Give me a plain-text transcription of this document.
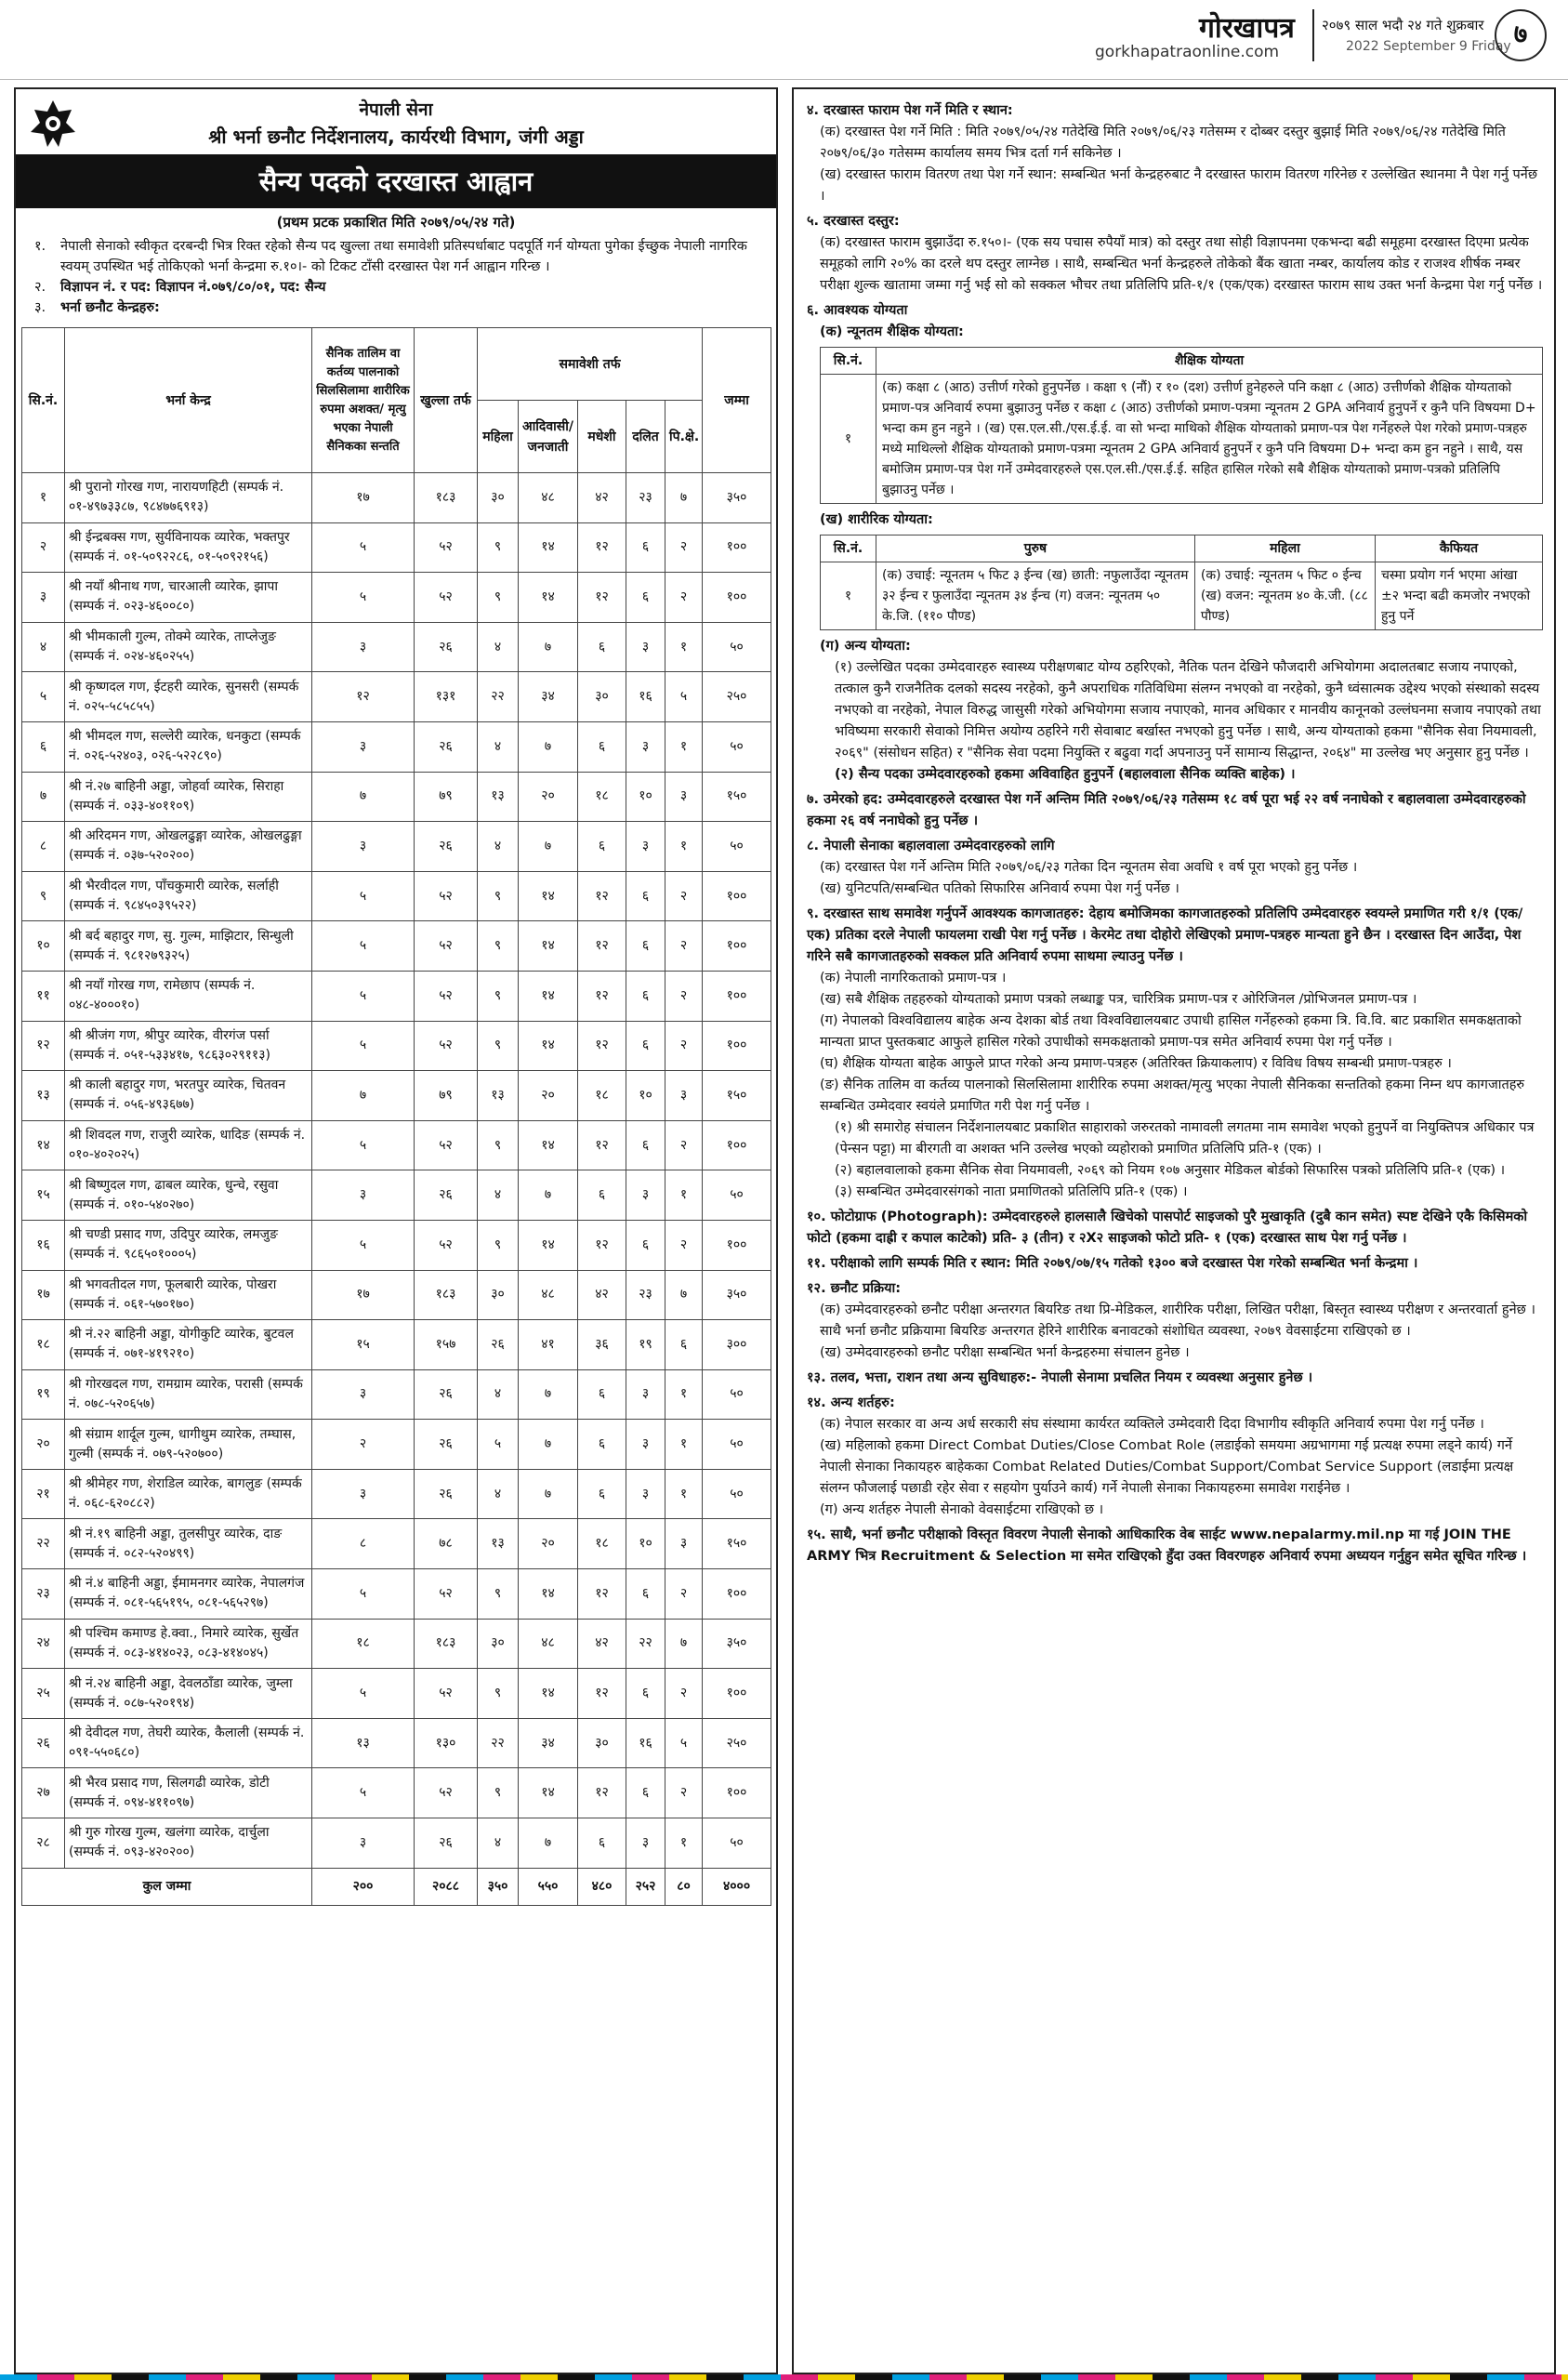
गोरखापत्र
gorkhapatraonline.com
२०७९ साल भदौ २४ गते शुक्रबार
2022 September 9 Friday ७
नेपाली सेना
श्री भर्ना छनौट निर्देशनालय, कार्यरथी विभाग, जंगी अड्डा
सैन्य पदको दरखास्त आह्वान
(प्रथम प्रटक प्रकाशित मिति २०७९/०५/२४ गते)
१.	नेपाली सेनाको स्वीकृत दरबन्दी भित्र रिक्त रहेको सैन्य पद खुल्ला तथा समावेशी प्रतिस्पर्धाबाट पदपूर्ति गर्न योग्यता पुगेका ईच्छुक नेपाली नागरिक स्वयम् उपस्थित भई तोकिएको भर्ना केन्द्रमा रु.१०।- को टिकट टाँसी दरखास्त पेश गर्न आह्वान गरिन्छ ।
२.	विज्ञापन नं. र पद: विज्ञापन नं.०७९/८०/०१, पद: सैन्य
३.	भर्ना छनौट केन्द्रहरु:
सि.नं.	भर्ना केन्द्र	सैनिक तालिम वा कर्तव्य पालनाको सिलसिलामा शारीरिक रुपमा अशक्त/ मृत्यु भएका नेपाली सैनिकका सन्तति	खुल्ला तर्फ	समावेशी तर्फ					जम्मा
				महिला	आदिवासी/ जनजाती	मधेशी	दलित	पि.क्षे.	
१	श्री पुरानो गोरख गण, नारायणहिटी (सम्पर्क नं. ०१-४९७३३८७, ९८४७७६९१३)	१७	१८३	३०	४८	४२	२३	७	३५०
२	श्री ईन्द्रबक्स गण, सुर्यविनायक व्यारेक, भक्तपुर (सम्पर्क नं. ०१-५०९२२८६, ०१-५०९२१५६)	५	५२	९	१४	१२	६	२	१००
३	श्री नयाँ श्रीनाथ गण, चारआली व्यारेक, झापा (सम्पर्क नं. ०२३-४६००८०)	५	५२	९	१४	१२	६	२	१००
४	श्री भीमकाली गुल्म, तोक्मे व्यारेक, ताप्लेजुङ (सम्पर्क नं. ०२४-४६०२५५)	३	२६	४	७	६	३	१	५०
५	श्री कृष्णदल गण, ईटहरी व्यारेक, सुनसरी (सम्पर्क नं. ०२५-५८५८५५)	१२	१३१	२२	३४	३०	१६	५	२५०
६	श्री भीमदल गण, सल्लेरी व्यारेक, धनकुटा (सम्पर्क नं. ०२६-५२४०३, ०२६-५२२८९०)	३	२६	४	७	६	३	१	५०
७	श्री नं.२७ बाहिनी अड्डा, जोहर्वा व्यारेक, सिराहा (सम्पर्क नं. ०३३-४०११०९)	७	७९	१३	२०	१८	१०	३	१५०
८	श्री अरिदमन गण, ओखलढुङ्गा व्यारेक, ओखलढुङ्गा (सम्पर्क नं. ०३७-५२०२००)	३	२६	४	७	६	३	१	५०
९	श्री भैरवीदल गण, पाँचकुमारी व्यारेक, सर्लाही (सम्पर्क नं. ९८४५०३९५२२)	५	५२	९	१४	१२	६	२	१००
१०	श्री बर्द बहादुर गण, सु. गुल्म, माझिटार, सिन्धुली (सम्पर्क नं. ९८१२७९३२५)	५	५२	९	१४	१२	६	२	१००
११	श्री नयाँ गोरख गण, रामेछाप (सम्पर्क नं. ०४८-४०००१०)	५	५२	९	१४	१२	६	२	१००
१२	श्री श्रीजंग गण, श्रीपुर व्यारेक, वीरगंज पर्सा (सम्पर्क नं. ०५१-५३३४१७, ९८६३०२९११३)	५	५२	९	१४	१२	६	२	१००
१३	श्री काली बहादुर गण, भरतपुर व्यारेक, चितवन (सम्पर्क नं. ०५६-४९३६७७)	७	७९	१३	२०	१८	१०	३	१५०
१४	श्री शिवदल गण, राजुरी व्यारेक, धादिङ (सम्पर्क नं. ०१०-४०२०२५)	५	५२	९	१४	१२	६	२	१००
१५	श्री बिष्णुदल गण, ढाबल व्यारेक, धुन्चे, रसुवा (सम्पर्क नं. ०१०-५४०२७०)	३	२६	४	७	६	३	१	५०
१६	श्री चण्डी प्रसाद गण, उदिपुर व्यारेक, लमजुङ (सम्पर्क नं. ९८६५०१०००५)	५	५२	९	१४	१२	६	२	१००
१७	श्री भगवतीदल गण, फूलबारी व्यारेक, पोखरा (सम्पर्क नं. ०६१-५७०१७०)	१७	१८३	३०	४८	४२	२३	७	३५०
१८	श्री नं.२२ बाहिनी अड्डा, योगीकुटि व्यारेक, बुटवल (सम्पर्क नं. ०७१-४१९२१०)	१५	१५७	२६	४१	३६	१९	६	३००
१९	श्री गोरखदल गण, रामग्राम व्यारेक, परासी (सम्पर्क नं. ०७८-५२०६५७)	३	२६	४	७	६	३	१	५०
२०	श्री संग्राम शार्दूल गुल्म, धागीथुम व्यारेक, तम्घास, गुल्मी (सम्पर्क नं. ०७९-५२०७००)	२	२६	५	७	६	३	१	५०
२१	श्री श्रीमेहर गण, शेराडिल व्यारेक, बागलुङ (सम्पर्क नं. ०६८-६२०८८२)	३	२६	४	७	६	३	१	५०
२२	श्री नं.१९ बाहिनी अड्डा, तुलसीपुर व्यारेक, दाङ (सम्पर्क नं. ०८२-५२०४९९)	८	७८	१३	२०	१८	१०	३	१५०
२३	श्री नं.४ बाहिनी अड्डा, ईमामनगर व्यारेक, नेपालगंज (सम्पर्क नं. ०८१-५६५१९५, ०८१-५६५२९७)	५	५२	९	१४	१२	६	२	१००
२४	श्री पश्चिम कमाण्ड हे.क्वा., निमारे व्यारेक, सुर्खेत (सम्पर्क नं. ०८३-४१४०२३, ०८३-४१४०४५)	१८	१८३	३०	४८	४२	२२	७	३५०
२५	श्री नं.२४ बाहिनी अड्डा, देवलठाँडा व्यारेक, जुम्ला (सम्पर्क नं. ०८७-५२०१९४)	५	५२	९	१४	१२	६	२	१००
२६	श्री देवीदल गण, तेघरी व्यारेक, कैलाली (सम्पर्क नं. ०९१-५५०६८०)	१३	१३०	२२	३४	३०	१६	५	२५०
२७	श्री भैरव प्रसाद गण, सिलगढी व्यारेक, डोटी (सम्पर्क नं. ०९४-४११०९७)	५	५२	९	१४	१२	६	२	१००
२८	श्री गुरु गोरख गुल्म, खलंगा व्यारेक, दार्चुला (सम्पर्क नं. ०९३-४२०२००)	३	२६	४	७	६	३	१	५०
कुल जम्मा		२००	२०८८	३५०	५५०	४८०	२५२	८०	४०००
४. दरखास्त फाराम पेश गर्ने मिति र स्थान:
(क) दरखास्त पेश गर्ने मिति : मिति २०७९/०५/२४ गतेदेखि मिति २०७९/०६/२३ गतेसम्म र दोब्बर दस्तुर बुझाई मिति २०७९/०६/२४ गतेदेखि मिति २०७९/०६/३० गतेसम्म कार्यालय समय भित्र दर्ता गर्न सकिनेछ ।
(ख) दरखास्त फाराम वितरण तथा पेश गर्ने स्थान: सम्बन्धित भर्ना केन्द्रहरुबाट नै दरखास्त फाराम वितरण गरिनेछ र उल्लेखित स्थानमा नै पेश गर्नु पर्नेछ ।
५. दरखास्त दस्तुर:
(क) दरखास्त फाराम बुझाउँदा रु.१५०।- (एक सय पचास रुपैयाँ मात्र) को दस्तुर तथा सोही विज्ञापनमा एकभन्दा बढी समूहमा दरखास्त दिएमा प्रत्येक समूहको लागि २०% का दरले थप दस्तुर लाग्नेछ । साथै, सम्बन्धित भर्ना केन्द्रहरुले तोकेको बैंक खाता नम्बर, कार्यालय कोड र राजश्व शीर्षक नम्बर परीक्षा शुल्क खातामा जम्मा गर्नु भई सो को सक्कल भौचर तथा प्रतिलिपि प्रति-१/१ (एक/एक) दरखास्त फाराम साथ उक्त भर्ना केन्द्रमा पेश गर्नु पर्नेछ ।
६. आवश्यक योग्यता
(क) न्यूनतम शैक्षिक योग्यता:
सि.नं.	शैक्षिक योग्यता
१	(क) कक्षा ८ (आठ) उत्तीर्ण गरेको हुनुपर्नेछ । कक्षा ९ (नौं) र १० (दश) उत्तीर्ण हुनेहरुले पनि कक्षा ८ (आठ) उत्तीर्णको शैक्षिक योग्यताको प्रमाण-पत्र अनिवार्य रुपमा बुझाउनु पर्नेछ र कक्षा ८ (आठ) उत्तीर्णको प्रमाण-पत्रमा न्यूनतम 2 GPA अनिवार्य हुनुपर्ने र कुनै पनि विषयमा D+ भन्दा कम हुन नहुने । (ख) एस.एल.सी./एस.ई.ई. वा सो भन्दा माथिको शैक्षिक योग्यताको प्रमाण-पत्र पेश गर्नेहरुले पेश गरेको प्रमाण-पत्रहरु मध्ये माथिल्लो शैक्षिक योग्यताको प्रमाण-पत्रमा न्यूनतम 2 GPA अनिवार्य हुनुपर्ने र कुनै पनि विषयमा D+ भन्दा कम हुन नहुने । साथै, यस बमोजिम प्रमाण-पत्र पेश गर्ने उम्मेदवारहरुले एस.एल.सी./एस.ई.ई. सहित हासिल गरेको सबै शैक्षिक योग्यताको प्रमाण-पत्रको प्रतिलिपि बुझाउनु पर्नेछ ।
(ख) शारीरिक योग्यता:
सि.नं.	पुरुष	महिला	कैफियत
१	(क) उचाई: न्यूनतम ५ फिट ३ ईन्च (ख) छाती: नफुलाउँदा न्यूनतम ३२ ईन्च र फुलाउँदा न्यूनतम ३४ ईन्च (ग) वजन: न्यूनतम ५० के.जि. (११० पौण्ड)	(क) उचाई: न्यूनतम ५ फिट ० ईन्च (ख) वजन: न्यूनतम ४० के.जी. (८८ पौण्ड)	चस्मा प्रयोग गर्न भएमा आंखा ±२ भन्दा बढी कमजोर नभएको हुनु पर्ने
(ग) अन्य योग्यता:
(१) उल्लेखित पदका उम्मेदवारहरु स्वास्थ्य परीक्षणबाट योग्य ठहरिएको, नैतिक पतन देखिने फौजदारी अभियोगमा अदालतबाट सजाय नपाएको, तत्काल कुनै राजनैतिक दलको सदस्य नरहेको, कुनै अपराधिक गतिविधिमा संलग्न नभएको वा नरहेको, कुनै ध्वंसात्मक उद्देश्य भएको संस्थाको सदस्य नभएको वा नरहेको, नेपाल विरुद्ध जासुसी गरेको अभियोगमा सजाय नपाएको, मानव अधिकार र मानवीय कानूनको उल्लंघनमा सजाय नपाएको तथा भविष्यमा सरकारी सेवाको निमित्त अयोग्य ठहरिने गरी सेवाबाट बर्खास्त नभएको हुनु पर्नेछ । साथै, अन्य योग्यताको हकमा "सैनिक सेवा नियमावली, २०६९" (संसोधन सहित) र "सैनिक सेवा पदमा नियुक्ति र बढुवा गर्दा अपनाउनु पर्ने सामान्य सिद्धान्त, २०६४" मा उल्लेख भए अनुसार हुनु पर्नेछ ।
(२) सैन्य पदका उम्मेदवारहरुको हकमा अविवाहित हुनुपर्ने (बहालवाला सैनिक व्यक्ति बाहेक) ।
७. उमेरको हद: उम्मेदवारहरुले दरखास्त पेश गर्ने अन्तिम मिति २०७९/०६/२३ गतेसम्म १८ वर्ष पूरा भई २२ वर्ष ननाघेको र बहालवाला उम्मेदवारहरुको हकमा २६ वर्ष ननाघेको हुनु पर्नेछ ।
८. नेपाली सेनाका बहालवाला उम्मेदवारहरुको लागि
(क) दरखास्त पेश गर्ने अन्तिम मिति २०७९/०६/२३ गतेका दिन न्यूनतम सेवा अवधि १ वर्ष पूरा भएको हुनु पर्नेछ ।
(ख) युनिटपति/सम्बन्धित पतिको सिफारिस अनिवार्य रुपमा पेश गर्नु पर्नेछ ।
९. दरखास्त साथ समावेश गर्नुपर्ने आवश्यक कागजातहरु: देहाय बमोजिमका कागजातहरुको प्रतिलिपि उम्मेदवारहरु स्वयम्ले प्रमाणित गरी १/१ (एक/एक) प्रतिका दरले नेपाली फायलमा राखी पेश गर्नु पर्नेछ । केरमेट तथा दोहोरो लेखिएको प्रमाण-पत्रहरु मान्यता हुने छैन । दरखास्त दिन आउँदा, पेश गरिने सबै कागजातहरुको सक्कल प्रति अनिवार्य रुपमा साथमा ल्याउनु पर्नेछ ।
(क) नेपाली नागरिकताको प्रमाण-पत्र ।
(ख) सबै शैक्षिक तहहरुको योग्यताको प्रमाण पत्रको लब्धाङ्क पत्र, चारित्रिक प्रमाण-पत्र र ओरिजिनल /प्रोभिजनल प्रमाण-पत्र ।
(ग) नेपालको विश्वविद्यालय बाहेक अन्य देशका बोर्ड तथा विश्वविद्यालयबाट उपाधी हासिल गर्नेहरुको हकमा त्रि. वि.वि. बाट प्रकाशित समकक्षताको मान्यता प्राप्त पुस्तकबाट आफुले हासिल गरेको उपाधीको समकक्षताको प्रमाण-पत्र समेत अनिवार्य रुपमा पेश गर्नु पर्नेछ ।
(घ) शैक्षिक योग्यता बाहेक आफुले प्राप्त गरेको अन्य प्रमाण-पत्रहरु (अतिरिक्त क्रियाकलाप) र विविध विषय सम्बन्धी प्रमाण-पत्रहरु ।
(ङ) सैनिक तालिम वा कर्तव्य पालनाको सिलसिलामा शारीरिक रुपमा अशक्त/मृत्यु भएका नेपाली सैनिकका सन्ततिको हकमा निम्न थप कागजातहरु सम्बन्धित उम्मेदवार स्वयंले प्रमाणित गरी पेश गर्नु पर्नेछ ।
(१) श्री समारोह संचालन निर्देशनालयबाट प्रकाशित साहाराको जरुरतको नामावली लगतमा नाम समावेश भएको हुनुपर्ने वा नियुक्तिपत्र अधिकार पत्र (पेन्सन पट्टा) मा बीरगती वा अशक्त भनि उल्लेख भएको व्यहोराको प्रमाणित प्रतिलिपि प्रति-१ (एक) ।
(२) बहालवालाको हकमा सैनिक सेवा नियमावली, २०६९ को नियम १०७ अनुसार मेडिकल बोर्डको सिफारिस पत्रको प्रतिलिपि प्रति-१ (एक) ।
(३) सम्बन्धित उम्मेदवारसंगको नाता प्रमाणितको प्रतिलिपि प्रति-१ (एक) ।
१०. फोटोग्राफ (Photograph): उम्मेदवारहरुले हालसालै खिचेको पासपोर्ट साइजको पुरै मुखाकृति (दुबै कान समेत) स्पष्ट देखिने एकै किसिमको फोटो (हकमा दाह्री र कपाल काटेको) प्रति- ३ (तीन) र २X२ साइजको फोटो प्रति- १ (एक) दरखास्त साथ पेश गर्नु पर्नेछ ।
११. परीक्षाको लागि सम्पर्क मिति र स्थान: मिति २०७९/०७/१५ गतेको १३०० बजे दरखास्त पेश गरेको सम्बन्धित भर्ना केन्द्रमा ।
१२. छनौट प्रक्रिया:
(क) उम्मेदवारहरुको छनौट परीक्षा अन्तरगत बियरिङ तथा प्रि-मेडिकल, शारीरिक परीक्षा, लिखित परीक्षा, बिस्तृत स्वास्थ्य परीक्षण र अन्तरवार्ता हुनेछ । साथै भर्ना छनौट प्रक्रियामा बियरिङ अन्तरगत हेरिने शारीरिक बनावटको संशोधित व्यवस्था, २०७९ वेवसाईटमा राखिएको छ ।
(ख) उम्मेदवारहरुको छनौट परीक्षा सम्बन्धित भर्ना केन्द्रहरुमा संचालन हुनेछ ।
१३. तलव, भत्ता, राशन तथा अन्य सुविधाहरु:- नेपाली सेनामा प्रचलित नियम र व्यवस्था अनुसार हुनेछ ।
१४. अन्य शर्तहरु:
(क) नेपाल सरकार वा अन्य अर्ध सरकारी संघ संस्थामा कार्यरत व्यक्तिले उम्मेदवारी दिदा विभागीय स्वीकृति अनिवार्य रुपमा पेश गर्नु पर्नेछ ।
(ख) महिलाको हकमा Direct Combat Duties/Close Combat Role (लडाईको समयमा अग्रभागमा गई प्रत्यक्ष रुपमा लड्ने कार्य) गर्ने नेपाली सेनाका निकायहरु बाहेकका Combat Related Duties/Combat Support/Combat Service Support (लडाईमा प्रत्यक्ष संलग्न फौजलाई पछाडी रहेर सेवा र सहयोग पुर्याउने कार्य) गर्ने नेपाली सेनाका निकायहरुमा समावेश गराईनेछ ।
(ग) अन्य शर्तहरु नेपाली सेनाको वेवसाईटमा राखिएको छ ।
१५. साथै, भर्ना छनौट परीक्षाको विस्तृत विवरण नेपाली सेनाको आधिकारिक वेब साईट www.nepalarmy.mil.np मा गई JOIN THE ARMY भित्र Recruitment & Selection मा समेत राखिएको हुँदा उक्त विवरणहरु अनिवार्य रुपमा अध्ययन गर्नुहुन समेत सूचित गरिन्छ ।
